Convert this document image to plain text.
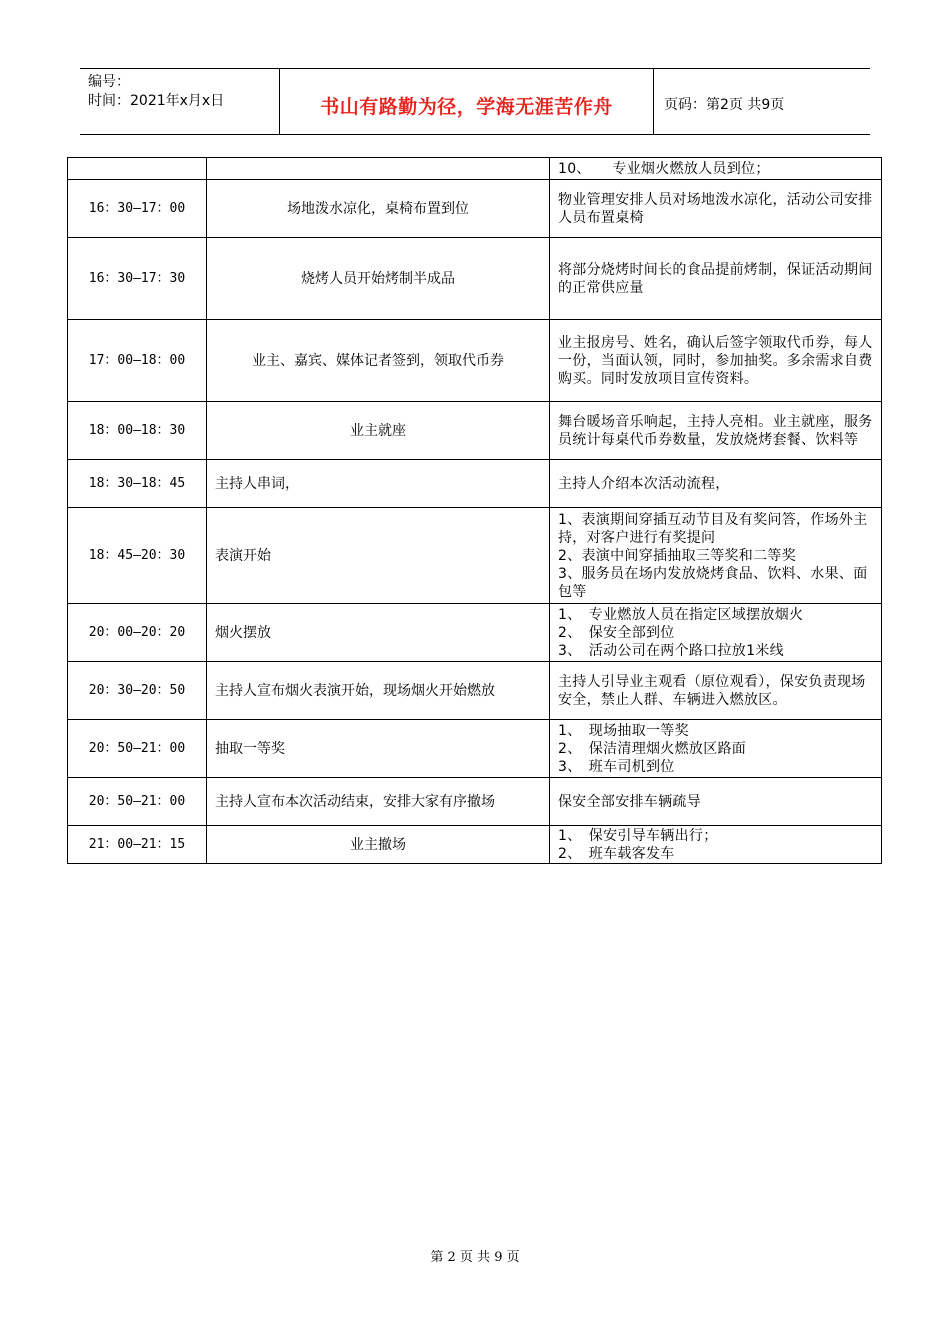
编号：
时间：2021年x月x日	书山有路勤为径，学海无涯苦作舟	页码：第2页 共9页

		10、　　专业烟火燃放人员到位；

16：30—17：00	场地泼水凉化，桌椅布置到位	物业管理安排人员对场地泼水凉化，活动公司安排人员布置桌椅

16：30—17：30	烧烤人员开始烤制半成品	将部分烧烤时间长的食品提前烤制，保证活动期间的正常供应量

17：00—18：00	业主、嘉宾、媒体记者签到，领取代币券	业主报房号、姓名，确认后签字领取代币券，每人一份，当面认领，同时，参加抽奖。多余需求自费购买。同时发放项目宣传资料。

18：00—18：30	业主就座	舞台暖场音乐响起，主持人亮相。业主就座，服务员统计每桌代币券数量，发放烧烤套餐、饮料等

18：30—18：45	主持人串词，	主持人介绍本次活动流程，

18：45—20：30	表演开始	1、表演期间穿插互动节目及有奖问答，作场外主持，对客户进行有奖提问
2、表演中间穿插抽取三等奖和二等奖
3、服务员在场内发放烧烤食品、饮料、水果、面包等

20：00—20：20	烟火摆放	1、　专业燃放人员在指定区域摆放烟火
2、　保安全部到位
3、　活动公司在两个路口拉放1米线

20：30—20：50	主持人宣布烟火表演开始，现场烟火开始燃放	主持人引导业主观看（原位观看），保安负责现场安全，禁止人群、车辆进入燃放区。

20：50—21：00	抽取一等奖	1、　现场抽取一等奖
2、　保洁清理烟火燃放区路面
3、　班车司机到位

20：50—21：00	主持人宣布本次活动结束，安排大家有序撤场	保安全部安排车辆疏导

21：00—21：15	业主撤场	1、　保安引导车辆出行；
2、　班车载客发车
第 2 页 共 9 页
